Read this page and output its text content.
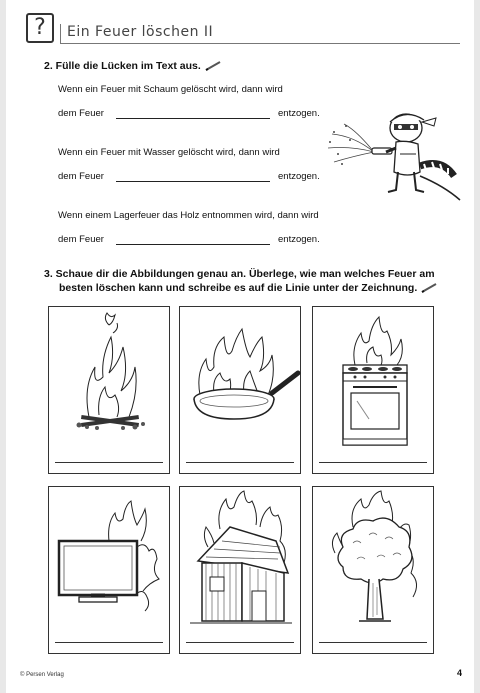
?	Ein Feuer löschen II
2. Fülle die Lücken im Text aus.
Wenn ein Feuer mit Schaum gelöscht wird, dann wird
dem Feuer	entzogen.
Wenn ein Feuer mit Wasser gelöscht wird, dann wird
dem Feuer	entzogen.
Wenn einem Lagerfeuer das Holz entnommen wird, dann wird
dem Feuer	entzogen.
3. Schaue dir die Abbildungen genau an. Überlege, wie man welches Feuer am
besten löschen kann und schreibe es auf die Linie unter der Zeichnung.
© Persen Verlag	4
